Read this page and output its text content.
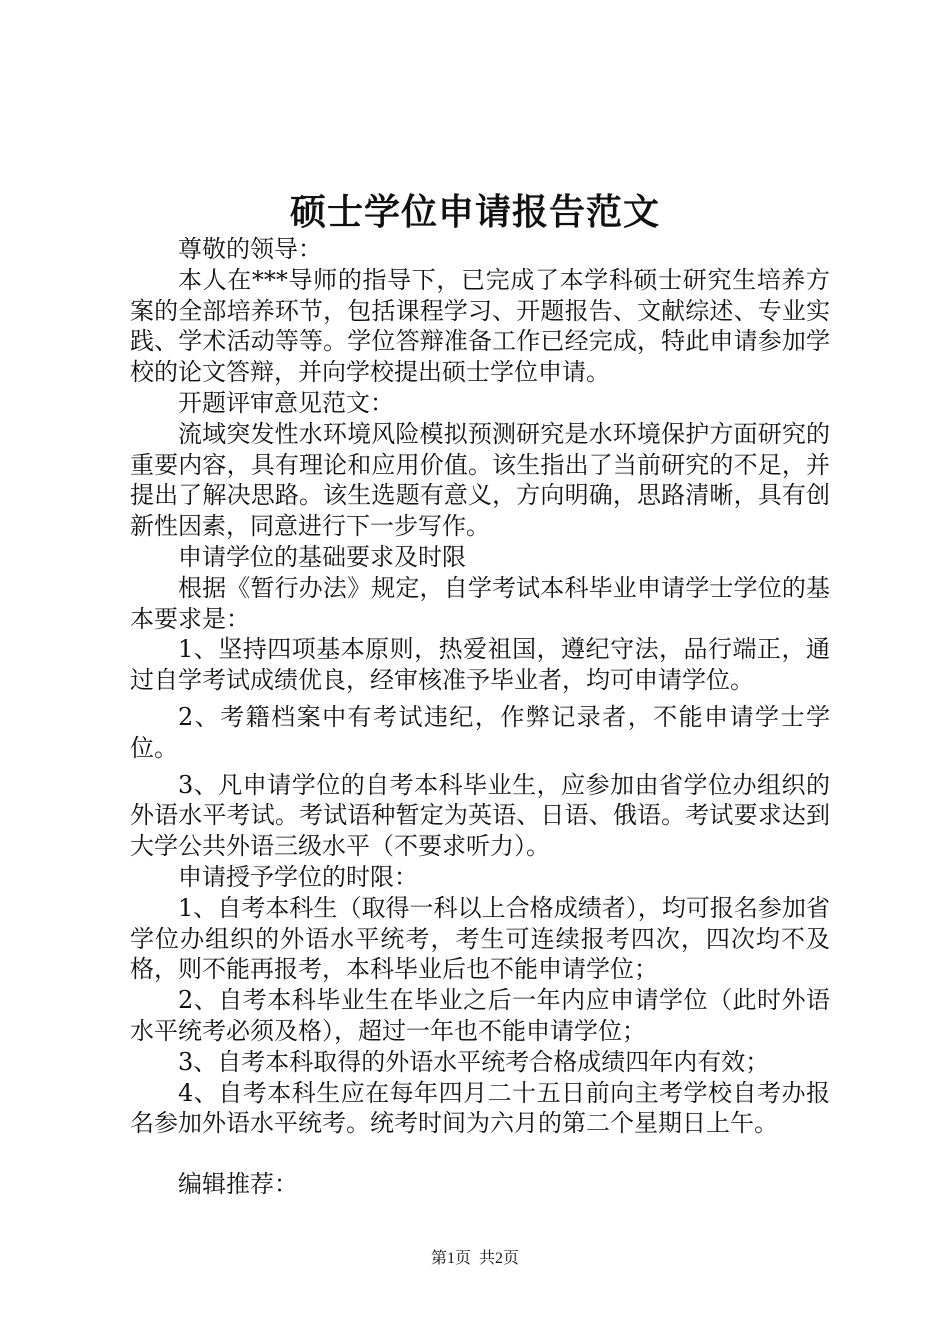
硕士学位申请报告范文

尊敬的领导：

本人在***导师的指导下，已完成了本学科硕士研究生培养方案的全部培养环节，包括课程学习、开题报告、文献综述、专业实践、学术活动等等。学位答辩准备工作已经完成，特此申请参加学校的论文答辩，并向学校提出硕士学位申请。

开题评审意见范文：

流域突发性水环境风险模拟预测研究是水环境保护方面研究的重要内容，具有理论和应用价值。该生指出了当前研究的不足，并提出了解决思路。该生选题有意义，方向明确，思路清晰，具有创新性因素，同意进行下一步写作。

申请学位的基础要求及时限

根据《暂行办法》规定，自学考试本科毕业申请学士学位的基本要求是：

1、坚持四项基本原则，热爱祖国，遵纪守法，品行端正，通过自学考试成绩优良，经审核准予毕业者，均可申请学位。

2、考籍档案中有考试违纪，作弊记录者，不能申请学士学位。

3、凡申请学位的自考本科毕业生，应参加由省学位办组织的外语水平考试。考试语种暂定为英语、日语、俄语。考试要求达到大学公共外语三级水平（不要求听力）。

申请授予学位的时限：

1、自考本科生（取得一科以上合格成绩者），均可报名参加省学位办组织的外语水平统考，考生可连续报考四次，四次均不及格，则不能再报考，本科毕业后也不能申请学位；

2、自考本科毕业生在毕业之后一年内应申请学位（此时外语水平统考必须及格），超过一年也不能申请学位；

3、自考本科取得的外语水平统考合格成绩四年内有效；

4、自考本科生应在每年四月二十五日前向主考学校自考办报名参加外语水平统考。统考时间为六月的第二个星期日上午。

编辑推荐：

第1页 共2页
